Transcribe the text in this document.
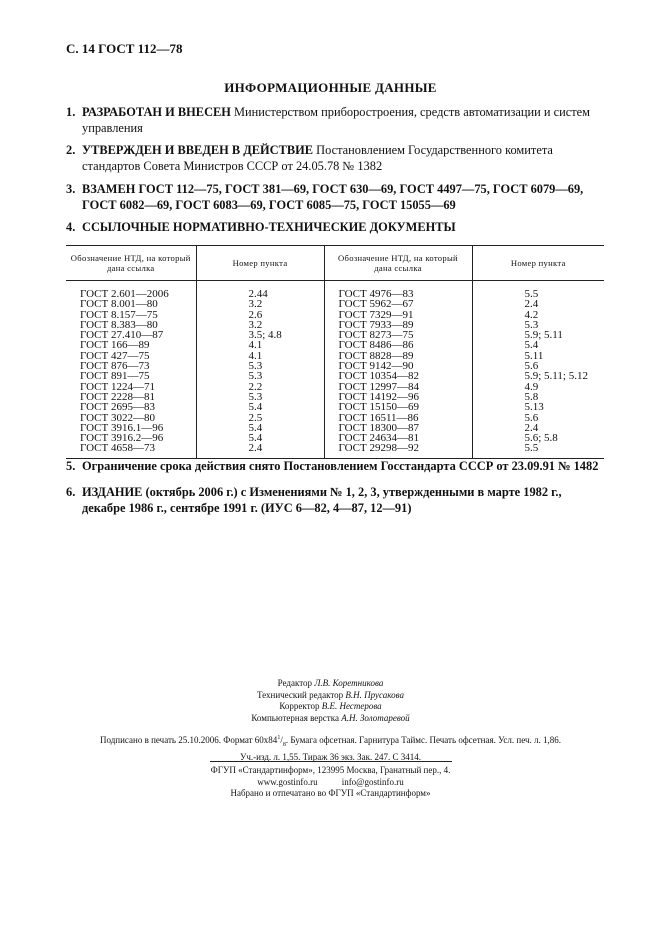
С. 14 ГОСТ 112—78
ИНФОРМАЦИОННЫЕ ДАННЫЕ
1. РАЗРАБОТАН И ВНЕСЕН Министерством приборостроения, средств автоматизации и систем управления
2. УТВЕРЖДЕН И ВВЕДЕН В ДЕЙСТВИЕ Постановлением Государственного комитета стандартов Совета Министров СССР от 24.05.78 № 1382
3. ВЗАМЕН ГОСТ 112—75, ГОСТ 381—69, ГОСТ 630—69, ГОСТ 4497—75, ГОСТ 6079—69, ГОСТ 6082—69, ГОСТ 6083—69, ГОСТ 6085—75, ГОСТ 15055—69
4. ССЫЛОЧНЫЕ НОРМАТИВНО-ТЕХНИЧЕСКИЕ ДОКУМЕНТЫ
Обозначение НТД, на который дана ссылка	Номер пункта	Обозначение НТД, на который дана ссылка	Номер пункта
ГОСТ 2.601—2006	2.44	ГОСТ 4976—83	5.5
ГОСТ 8.001—80	3.2	ГОСТ 5962—67	2.4
ГОСТ 8.157—75	2.6	ГОСТ 7329—91	4.2
ГОСТ 8.383—80	3.2	ГОСТ 7933—89	5.3
ГОСТ 27.410—87	3.5; 4.8	ГОСТ 8273—75	5.9; 5.11
ГОСТ 166—89	4.1	ГОСТ 8486—86	5.4
ГОСТ 427—75	4.1	ГОСТ 8828—89	5.11
ГОСТ 876—73	5.3	ГОСТ 9142—90	5.6
ГОСТ 891—75	5.3	ГОСТ 10354—82	5.9; 5.11; 5.12
ГОСТ 1224—71	2.2	ГОСТ 12997—84	4.9
ГОСТ 2228—81	5.3	ГОСТ 14192—96	5.8
ГОСТ 2695—83	5.4	ГОСТ 15150—69	5.13
ГОСТ 3022—80	2.5	ГОСТ 16511—86	5.6
ГОСТ 3916.1—96	5.4	ГОСТ 18300—87	2.4
ГОСТ 3916.2—96	5.4	ГОСТ 24634—81	5.6; 5.8
ГОСТ 4658—73	2.4	ГОСТ 29298—92	5.5
5. Ограничение срока действия снято Постановлением Госстандарта СССР от 23.09.91 № 1482
6. ИЗДАНИЕ (октябрь 2006 г.) с Изменениями № 1, 2, 3, утвержденными в марте 1982 г., декабре 1986 г., сентябре 1991 г. (ИУС 6—82, 4—87, 12—91)
Редактор Л.В. Коретникова
Технический редактор В.Н. Прусакова
Корректор В.Е. Нестерова
Компьютерная верстка А.Н. Золотаревой
Подписано в печать 25.10.2006. Формат $60х84^1/_8$. Бумага офсетная. Гарнитура Таймс. Печать офсетная. Усл. печ. л. 1,86.
Уч.-изд. л. 1,55. Тираж 36 экз. Зак. 247. С 3414.
ФГУП «Стандартинформ», 123995 Москва, Гранатный пер., 4.
www.gostinfo.ru	info@gostinfo.ru
Набрано и отпечатано во ФГУП «Стандартинформ»
